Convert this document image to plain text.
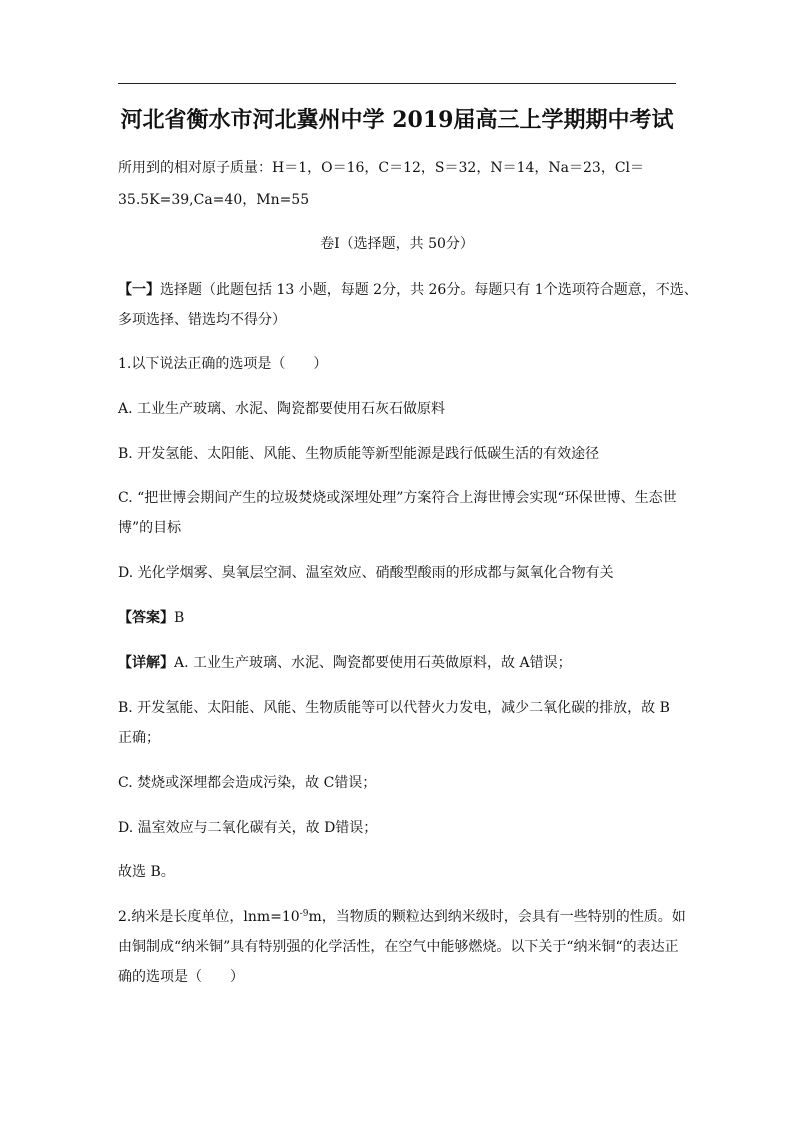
河北省衡水市河北冀州中学 2019届高三上学期期中考试
所用到的相对原子质量：H＝1，O＝16，C＝12，S＝32，N＝14，Na＝23，Cl＝
35.5K=39,Ca=40，Mn=55
卷Ⅰ（选择题，共 50分）
【一】选择题（此题包括 13 小题，每题 2分，共 26分。每题只有 1个选项符合题意，不选、
多项选择、错选均不得分）
1.以下说法正确的选项是（　　）
A. 工业生产玻璃、水泥、陶瓷都要使用石灰石做原料
B. 开发氢能、太阳能、风能、生物质能等新型能源是践行低碳生活的有效途径
C. “把世博会期间产生的垃圾焚烧或深埋处理”方案符合上海世博会实现“环保世博、生态世
博”的目标
D. 光化学烟雾、臭氧层空洞、温室效应、硝酸型酸雨的形成都与氮氧化合物有关
【答案】B
【详解】A. 工业生产玻璃、水泥、陶瓷都要使用石英做原料，故 A错误；
B. 开发氢能、太阳能、风能、生物质能等可以代替火力发电，减少二氧化碳的排放，故 B
正确；
C. 焚烧或深埋都会造成污染，故 C错误；
D. 温室效应与二氧化碳有关，故 D错误；
故选 B。
2.纳米是长度单位，$\ln m=10^{-9}m$，当物质的颗粒达到纳米级时，会具有一些特别的性质。如
由铜制成“纳米铜”具有特别强的化学活性，在空气中能够燃烧。以下关于“纳米铜“的表达正
确的选项是（　　）
